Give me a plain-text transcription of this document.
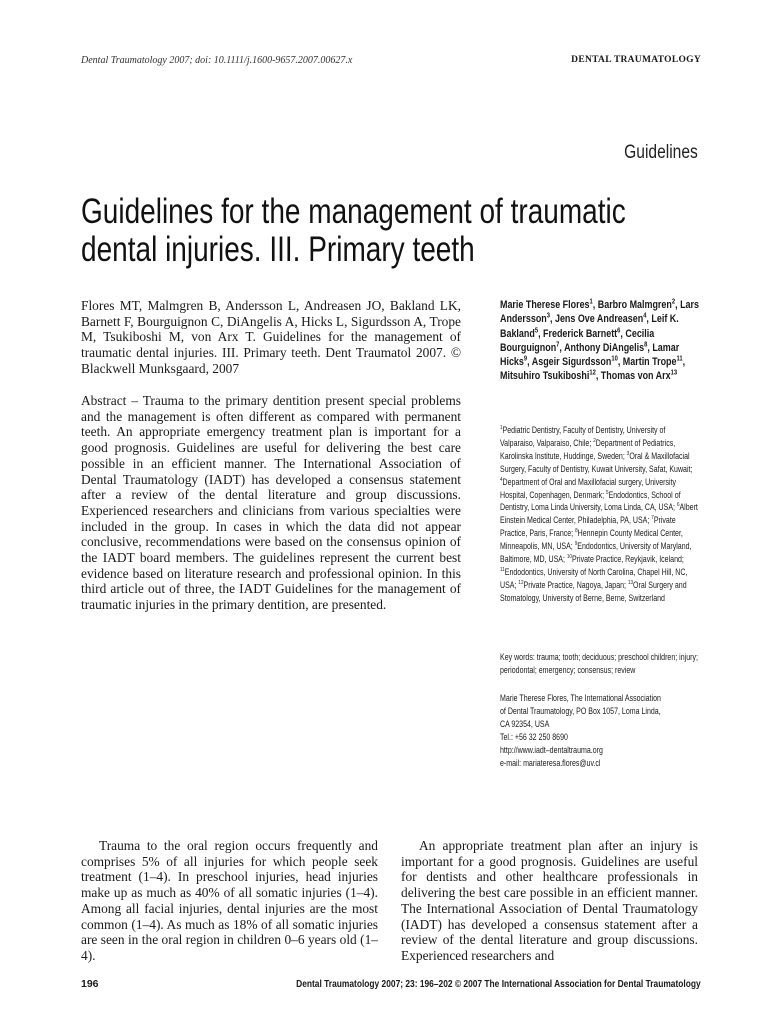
Dental Traumatology 2007; doi: 10.1111/j.1600-9657.2007.00627.x	DENTAL TRAUMATOLOGY
Guidelines
Guidelines for the management of traumatic
dental injuries. III. Primary teeth
Flores MT, Malmgren B, Andersson L, Andreasen JO, Bakland LK, Barnett F, Bourguignon C, DiAngelis A, Hicks L, Sigurdsson A, Trope M, Tsukiboshi M, von Arx T. Guidelines for the management of traumatic dental injuries. III. Primary teeth. Dent Traumatol 2007. © Blackwell Munksgaard, 2007
Abstract – Trauma to the primary dentition present special problems and the management is often different as compared with permanent teeth. An appropriate emergency treatment plan is important for a good prognosis. Guidelines are useful for delivering the best care possible in an efficient manner. The International Association of Dental Traumatology (IADT) has developed a consensus statement after a review of the dental literature and group discussions. Experienced researchers and clinicians from various specialties were included in the group. In cases in which the data did not appear conclusive, recommendations were based on the consensus opinion of the IADT board members. The guidelines represent the current best evidence based on literature research and professional opinion. In this third article out of three, the IADT Guidelines for the management of traumatic injuries in the primary dentition, are presented.
Marie Therese Flores$^1$, Barbro Malmgren$^2$, Lars Andersson$^3$, Jens Ove Andreasen$^4$, Leif K. Bakland$^5$, Frederick Barnett$^6$, Cecilia Bourguignon$^7$, Anthony DiAngelis$^8$, Lamar Hicks$^9$, Asgeir Sigurdsson$^{10}$, Martin Trope$^{11}$, Mitsuhiro Tsukiboshi$^{12}$, Thomas von Arx$^{13}$
$^1$Pediatric Dentistry, Faculty of Dentistry, University of Valparaiso, Valparaiso, Chile; $^2$Department of Pediatrics, Karolinska Institute, Huddinge, Sweden; $^3$Oral & Maxillofacial Surgery, Faculty of Dentistry, Kuwait University, Safat, Kuwait; $^4$Department of Oral and Maxillofacial surgery, University Hospital, Copenhagen, Denmark; $^5$Endodontics, School of Dentistry, Loma Linda University, Loma Linda, CA, USA; $^6$Albert Einstein Medical Center, Philadelphia, PA, USA; $^7$Private Practice, Paris, France; $^8$Hennepin County Medical Center, Minneapolis, MN, USA; $^9$Endodontics, University of Maryland, Baltimore, MD, USA; $^{10}$Private Practice, Reykjavik, Iceland; $^{11}$Endodontics, University of North Carolina, Chapel Hill, NC, USA; $^{12}$Private Practice, Nagoya, Japan; $^{13}$Oral Surgery and Stomatology, University of Berne, Berne, Switzerland
Key words: trauma; tooth; deciduous; preschool children; injury; periodontal; emergency; consensus; review
Marie Therese Flores, The International Association
of Dental Traumatology, PO Box 1057, Loma Linda,
CA 92354, USA
Tel.: +56 32 250 8690
http://www.iadt–dentaltrauma.org
e-mail: mariateresa.flores@uv.cl
Trauma to the oral region occurs frequently and comprises 5% of all injuries for which people seek treatment (1–4). In preschool injuries, head injuries make up as much as 40% of all somatic injuries (1–4). Among all facial injuries, dental injuries are the most common (1–4). As much as 18% of all somatic injuries are seen in the oral region in children 0–6 years old (1–4).
An appropriate treatment plan after an injury is important for a good prognosis. Guidelines are useful for dentists and other healthcare professionals in delivering the best care possible in an efficient manner. The International Association of Dental Traumatology (IADT) has developed a consensus statement after a review of the dental literature and group discussions. Experienced researchers and
196	Dental Traumatology 2007; 23: 196–202 © 2007 The International Association for Dental Traumatology
